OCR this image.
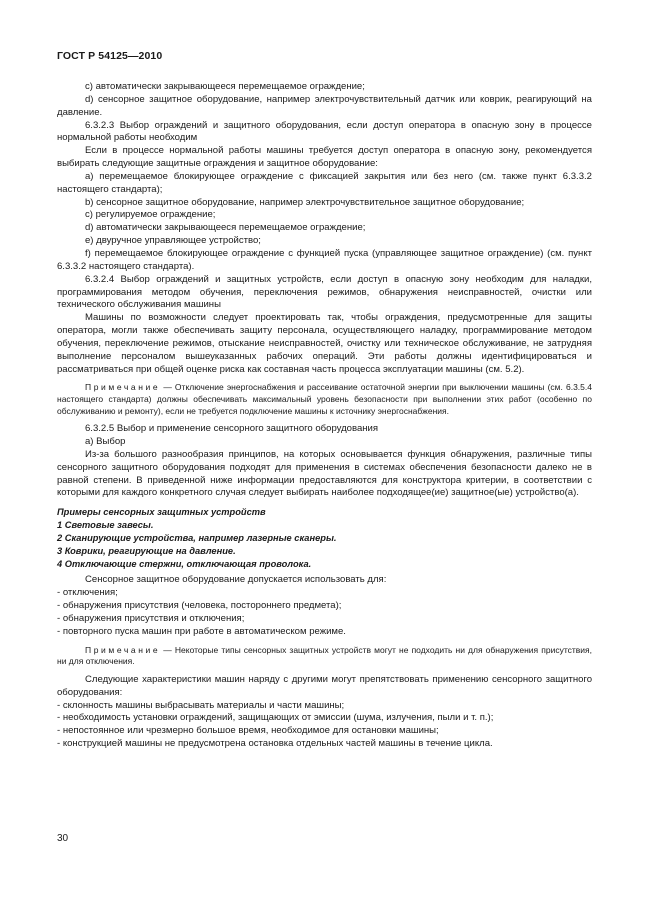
ГОСТ Р 54125—2010

c) автоматически закрывающееся перемещаемое ограждение;

d) сенсорное защитное оборудование, например электрочувствительный датчик или коврик, реагирующий на давление.

6.3.2.3 Выбор ограждений и защитного оборудования, если доступ оператора в опасную зону в процессе нормальной работы необходим

Если в процессе нормальной работы машины требуется доступ оператора в опасную зону, рекомендуется выбирать следующие защитные ограждения и защитное оборудование:

a) перемещаемое блокирующее ограждение с фиксацией закрытия или без него (см. также пункт 6.3.3.2 настоящего стандарта);

b) сенсорное защитное оборудование, например электрочувствительное защитное оборудование;

c) регулируемое ограждение;

d) автоматически закрывающееся перемещаемое ограждение;

e) двуручное управляющее устройство;

f) перемещаемое блокирующее ограждение с функцией пуска (управляющее защитное ограждение) (см. пункт 6.3.3.2 настоящего стандарта).

6.3.2.4 Выбор ограждений и защитных устройств, если доступ в опасную зону необходим для наладки, программирования методом обучения, переключения режимов, обнаружения неисправностей, очистки или технического обслуживания машины

Машины по возможности следует проектировать так, чтобы ограждения, предусмотренные для защиты оператора, могли также обеспечивать защиту персонала, осуществляющего наладку, программирование методом обучения, переключение режимов, отыскание неисправностей, очистку или техническое обслуживание, не затрудняя выполнение персоналом вышеуказанных рабочих операций. Эти работы должны идентифицироваться и рассматриваться при общей оценке риска как составная часть процесса эксплуатации машины (см. 5.2).

Примечание — Отключение энергоснабжения и рассеивание остаточной энергии при выключении машины (см. 6.3.5.4 настоящего стандарта) должны обеспечивать максимальный уровень безопасности при выполнении этих работ (особенно по обслуживанию и ремонту), если не требуется подключение машины к источнику энергоснабжения.

6.3.2.5 Выбор и применение сенсорного защитного оборудования

a) Выбор

Из-за большого разнообразия принципов, на которых основывается функция обнаружения, различные типы сенсорного защитного оборудования подходят для применения в системах обеспечения безопасности далеко не в равной степени. В приведенной ниже информации предоставляются для конструктора критерии, в соответствии с которыми для каждого конкретного случая следует выбирать наиболее подходящее(ие) защитное(ые) устройство(а).

Примеры сенсорных защитных устройств

1 Световые завесы.

2 Сканирующие устройства, например лазерные сканеры.

3 Коврики, реагирующие на давление.

4 Отключающие стержни, отключающая проволока.

Сенсорное защитное оборудование допускается использовать для:

- отключения;

- обнаружения присутствия (человека, постороннего предмета);

- обнаружения присутствия и отключения;

- повторного пуска машин при работе в автоматическом режиме.

Примечание — Некоторые типы сенсорных защитных устройств могут не подходить ни для обнаружения присутствия, ни для отключения.

Следующие характеристики машин наряду с другими могут препятствовать применению сенсорного защитного оборудования:

- склонность машины выбрасывать материалы и части машины;

- необходимость установки ограждений, защищающих от эмиссии (шума, излучения, пыли и т. п.);

- непостоянное или чрезмерно большое время, необходимое для остановки машины;

- конструкцией машины не предусмотрена остановка отдельных частей машины в течение цикла.

30
